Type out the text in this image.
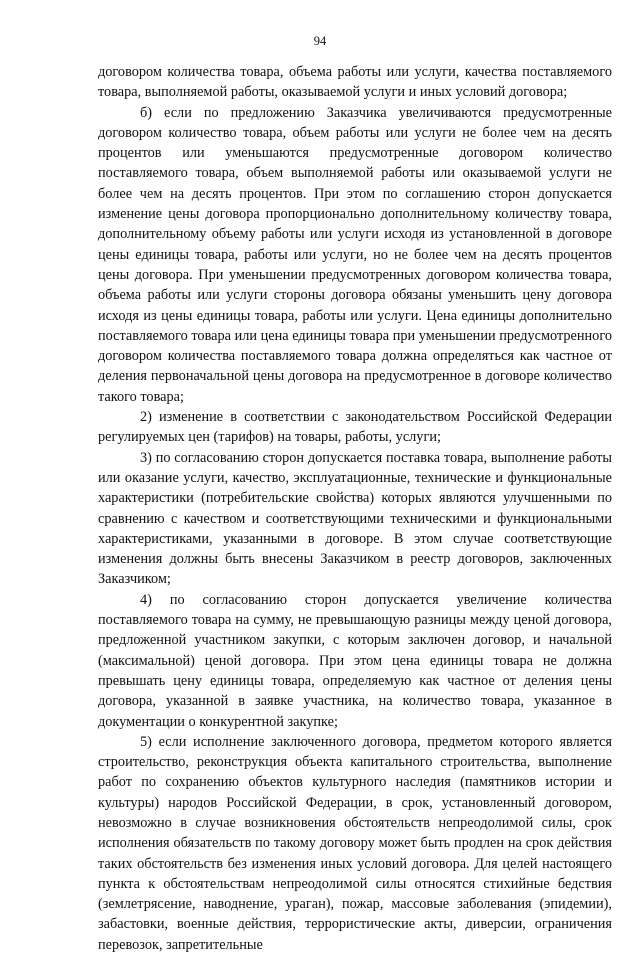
94

договором количества товара, объема работы или услуги, качества поставляемого товара, выполняемой работы, оказываемой услуги и иных условий договора;

б) если по предложению Заказчика увеличиваются предусмотренные договором количество товара, объем работы или услуги не более чем на десять процентов или уменьшаются предусмотренные договором количество поставляемого товара, объем выполняемой работы или оказываемой услуги не более чем на десять процентов. При этом по соглашению сторон допускается изменение цены договора пропорционально дополнительному количеству товара, дополнительному объему работы или услуги исходя из установленной в договоре цены единицы товара, работы или услуги, но не более чем на десять процентов цены договора. При уменьшении предусмотренных договором количества товара, объема работы или услуги стороны договора обязаны уменьшить цену договора исходя из цены единицы товара, работы или услуги. Цена единицы дополнительно поставляемого товара или цена единицы товара при уменьшении предусмотренного договором количества поставляемого товара должна определяться как частное от деления первоначальной цены договора на предусмотренное в договоре количество такого товара;

2) изменение в соответствии с законодательством Российской Федерации регулируемых цен (тарифов) на товары, работы, услуги;

3) по согласованию сторон допускается поставка товара, выполнение работы или оказание услуги, качество, эксплуатационные, технические и функциональные характеристики (потребительские свойства) которых являются улучшенными по сравнению с качеством и соответствующими техническими и функциональными характеристиками, указанными в договоре. В этом случае соответствующие изменения должны быть внесены Заказчиком в реестр договоров, заключенных Заказчиком;

4) по согласованию сторон допускается увеличение количества поставляемого товара на сумму, не превышающую разницы между ценой договора, предложенной участником закупки, с которым заключен договор, и начальной (максимальной) ценой договора. При этом цена единицы товара не должна превышать цену единицы товара, определяемую как частное от деления цены договора, указанной в заявке участника, на количество товара, указанное в документации о конкурентной закупке;

5) если исполнение заключенного договора, предметом которого является строительство, реконструкция объекта капитального строительства, выполнение работ по сохранению объектов культурного наследия (памятников истории и культуры) народов Российской Федерации, в срок, установленный договором, невозможно в случае возникновения обстоятельств непреодолимой силы, срок исполнения обязательств по такому договору может быть продлен на срок действия таких обстоятельств без изменения иных условий договора. Для целей настоящего пункта к обстоятельствам непреодолимой силы относятся стихийные бедствия (землетрясение, наводнение, ураган), пожар, массовые заболевания (эпидемии), забастовки, военные действия, террористические акты, диверсии, ограничения перевозок, запретительные
